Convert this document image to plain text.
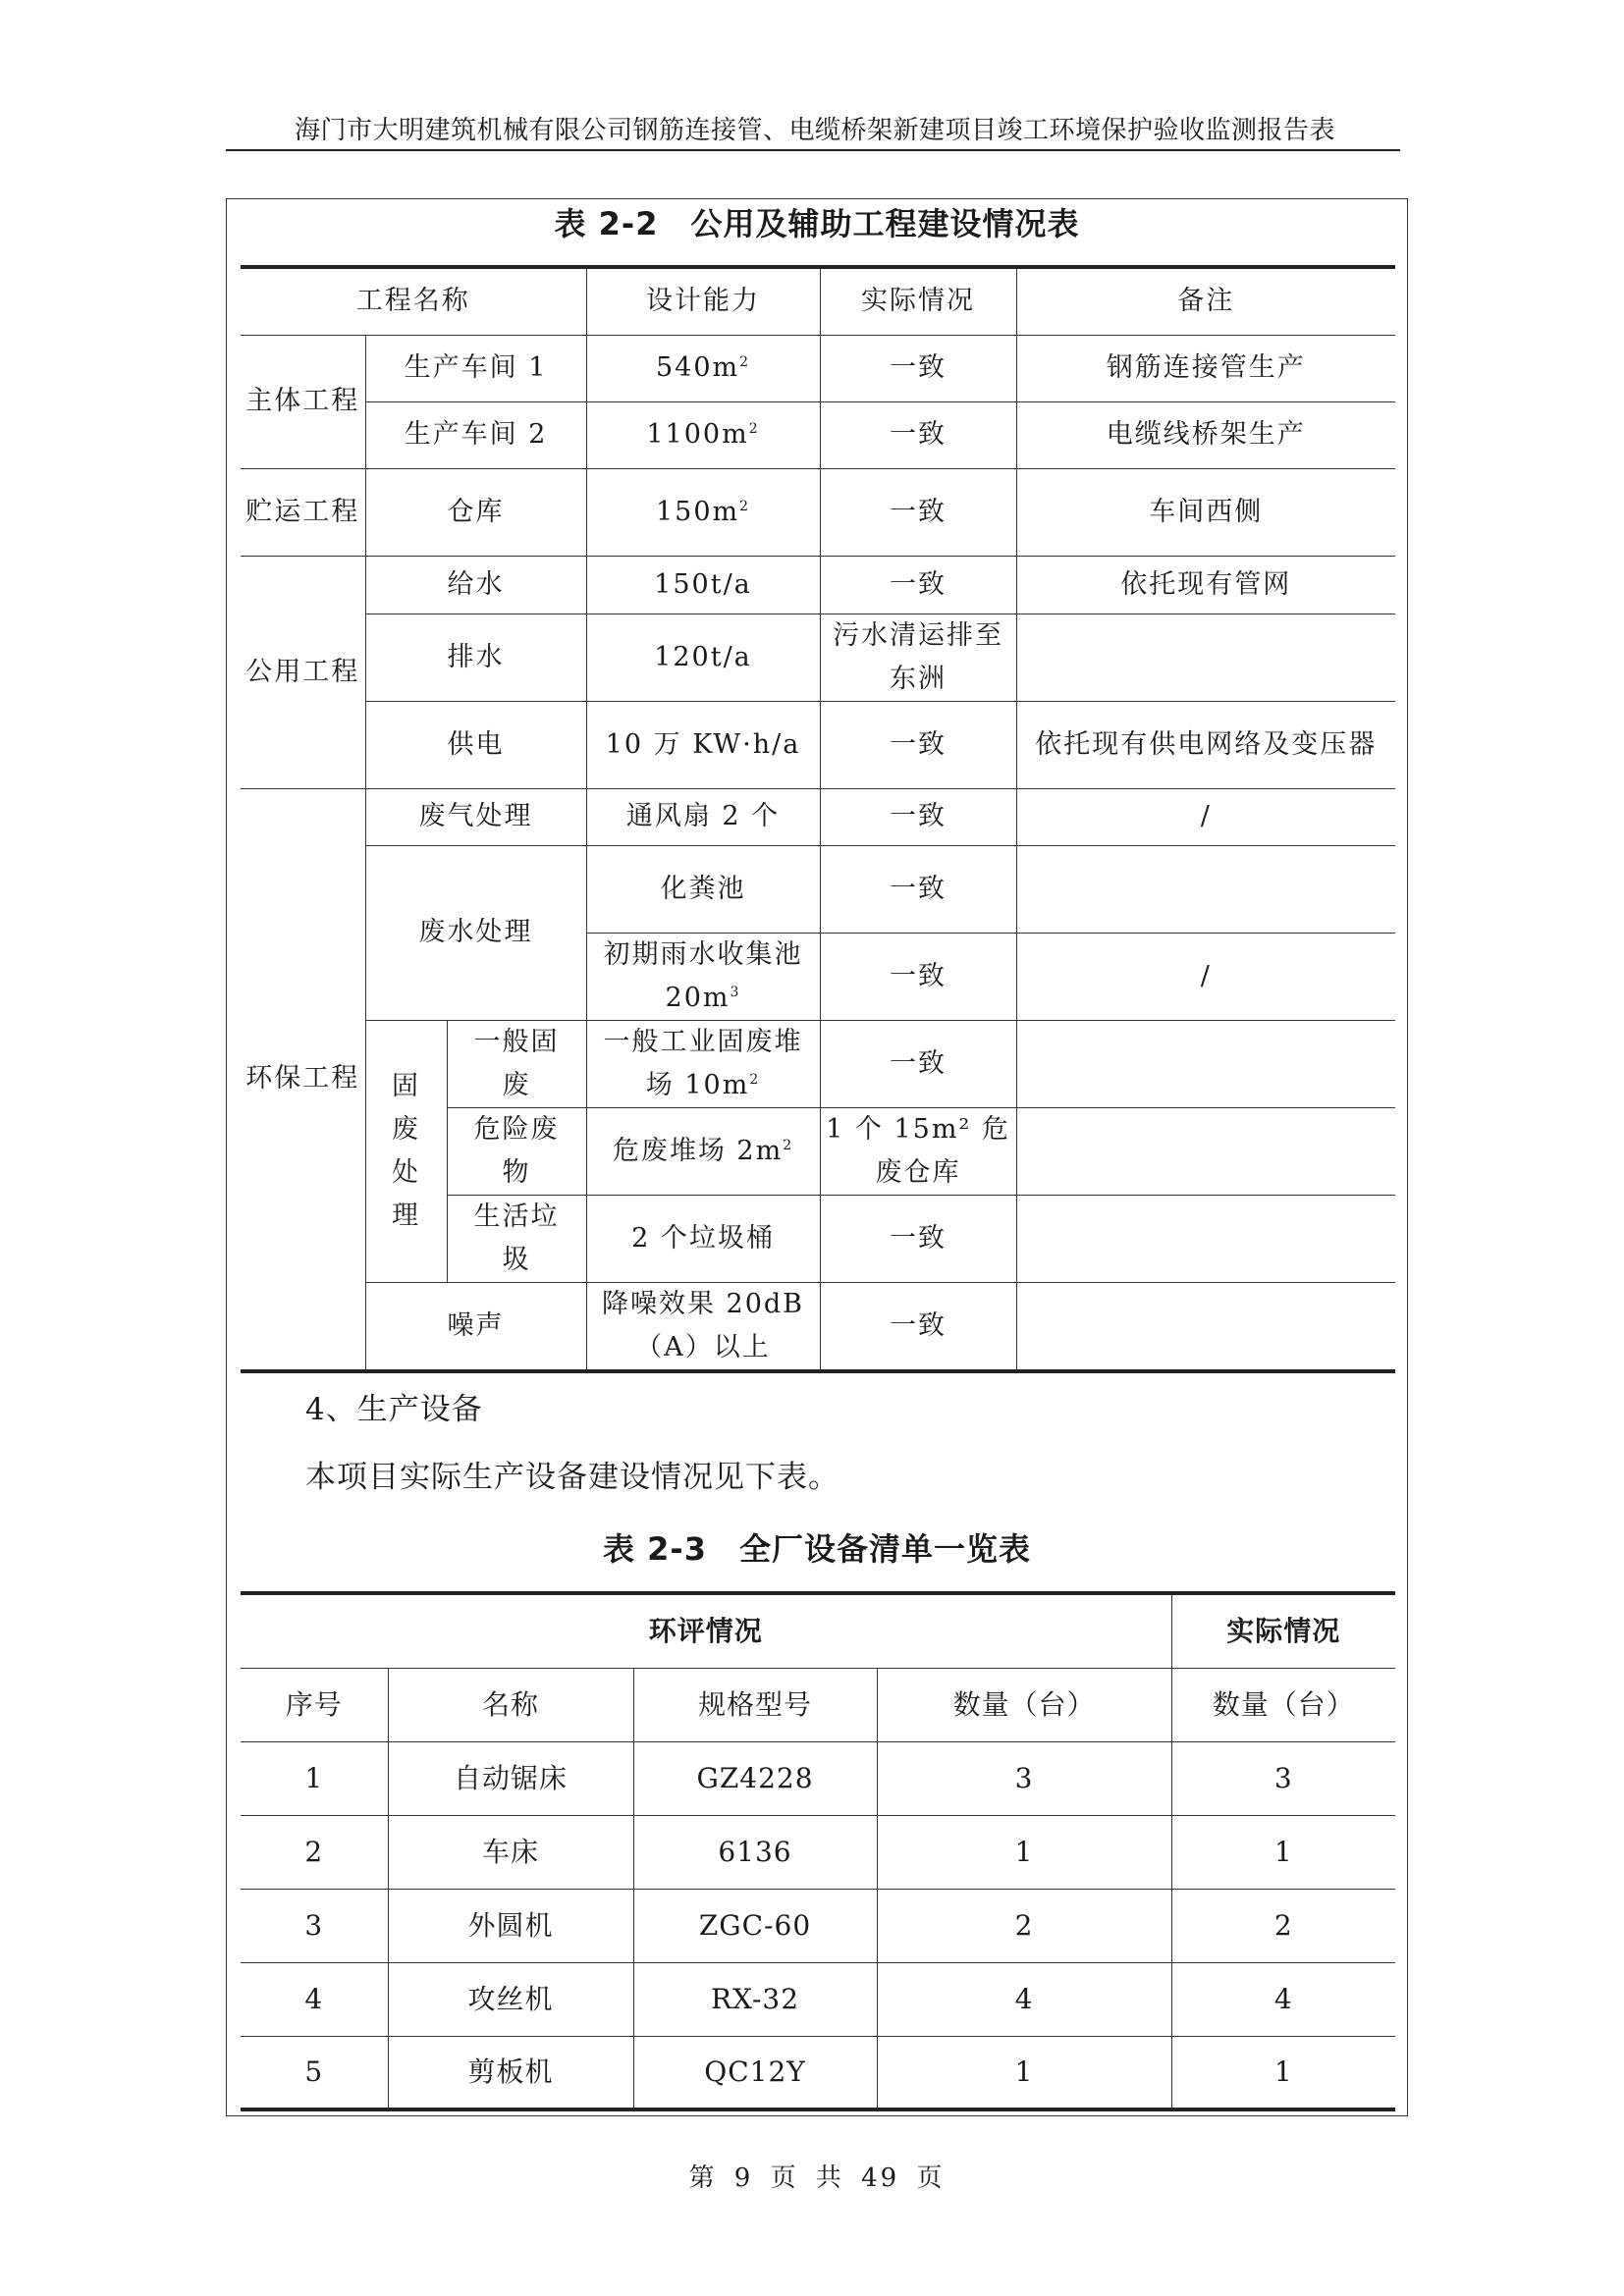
海门市大明建筑机械有限公司钢筋连接管、电缆桥架新建项目竣工环境保护验收监测报告表
表 2-2　公用及辅助工程建设情况表
工程名称			设计能力	实际情况	备注
主体工程	生产车间 1		$540m^2$	一致	钢筋连接管生产
	生产车间 2		$1100m^2$	一致	电缆线桥架生产
贮运工程	仓库		$150m^2$	一致	车间西侧
公用工程	给水		150t/a	一致	依托现有管网
	排水		120t/a	污水清运排至东洲	
	供电		10 万 KW·h/a	一致	依托现有供电网络及变压器
环保工程	废气处理		通风扇 2 个	一致	/
	废水处理		化粪池	一致	
			初期雨水收集池 $20m^3$	一致	/
	固废处理	一般固废	一般工业固废堆场 $10m^2$	一致	
		危险废物	危废堆场 $2m^2$	1 个 15m² 危废仓库	
		生活垃圾	2 个垃圾桶	一致	
	噪声		降噪效果 20dB（A）以上	一致	
4、生产设备
本项目实际生产设备建设情况见下表。
表 2-3　全厂设备清单一览表
环评情况				实际情况
序号	名称	规格型号	数量（台）	数量（台）
1	自动锯床	GZ4228	3	3
2	车床	6136	1	1
3	外圆机	ZGC-60	2	2
4	攻丝机	RX-32	4	4
5	剪板机	QC12Y	1	1
第 9 页 共 49 页
